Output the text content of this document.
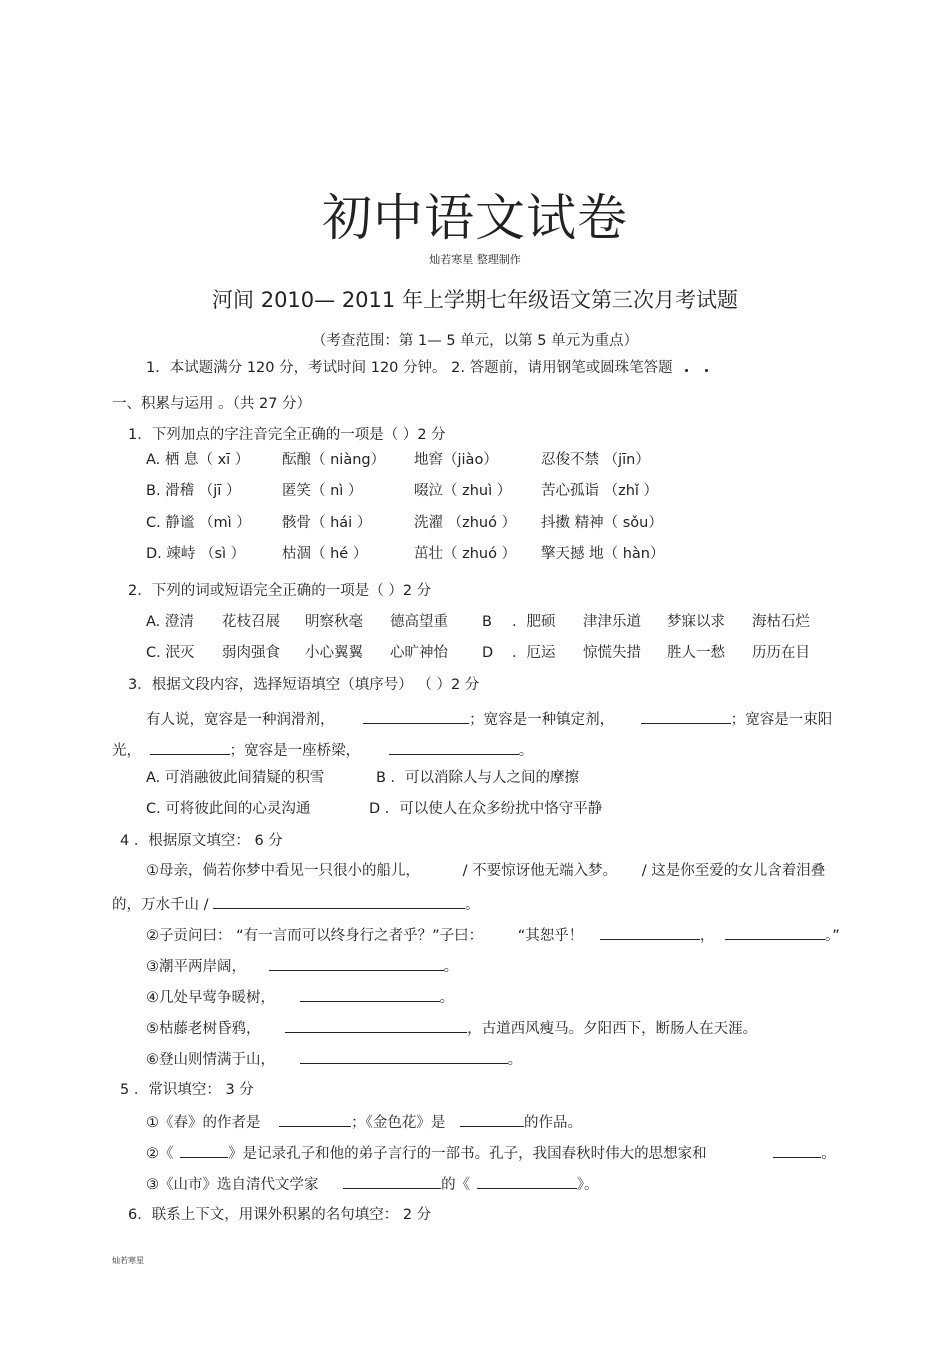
初中语文试卷
灿若寒星 整理制作
河间 2010— 2011 年上学期七年级语文第三次月考试题
（考查范围：第 1— 5 单元，以第 5 单元为重点）
1．本试题满分 120 分，考试时间 120 分钟。 2. 答题前，请用钢笔或圆珠笔答题
一、积累与运用 。（共 27 分）
1．下列加点的字注音完全正确的一项是（ ）2 分
A. 栖 息（ xī ） 酝酿（ niàng） 地窖（jiào）	忍俊不禁 （jīn）
B. 滑稽 （jī ）	匿笑（ nì ）	啜泣（ zhuì ） 苦心孤诣 （zhǐ ）
C. 静谧 （mì ） 骸骨（ hái ）	洗濯 （zhuó ） 抖擞 精神（ sǒu）
D. 竦峙 （sì ）	枯涸（ hé ）	茁壮（ zhuó ） 擎天撼 地（ hàn）
2．下列的词或短语完全正确的一项是（ ）2 分
A. 澄清 花枝召展 明察秋毫 德高望重 B ．肥硕 津津乐道 梦寐以求 海枯石烂
C. 泯灭 弱肉强食 小心翼翼 心旷神怡 D ．厄运 惊慌失措 胜人一愁 历历在目
3．根据文段内容，选择短语填空（填序号） （ ）2 分
有人说，宽容是一种润滑剂，	；宽容是一种镇定剂，	；宽容是一束阳
光，	；宽容是一座桥梁，	。
A. 可消融彼此间猜疑的积雪	B ．可以消除人与人之间的摩擦
C. 可将彼此间的心灵沟通	D ．可以使人在众多纷扰中恪守平静
4 ．根据原文填空： 6 分
①母亲，倘若你梦中看见一只很小的船儿，	/ 不要惊讶他无端入梦。 / 这是你至爱的女儿含着泪叠
的，万水千山 /	。
②子贡问曰： “有一言而可以终身行之者乎？”子曰： “其恕乎！	，	。”
③潮平两岸阔，	。
④几处早莺争暖树，	。
⑤枯藤老树昏鸦，	，古道西风瘦马。夕阳西下，断肠人在天涯。
⑥登山则情满于山，	。
5 ．常识填空： 3 分
①《春》的作者是	；《金色花》是	的作品。
②《	》是记录孔子和他的弟子言行的一部书。孔子，我国春秋时伟大的思想家和	。
③《山市》选自清代文学家	的《	》。
6．联系上下文，用课外积累的名句填空： 2 分
灿若寒星
